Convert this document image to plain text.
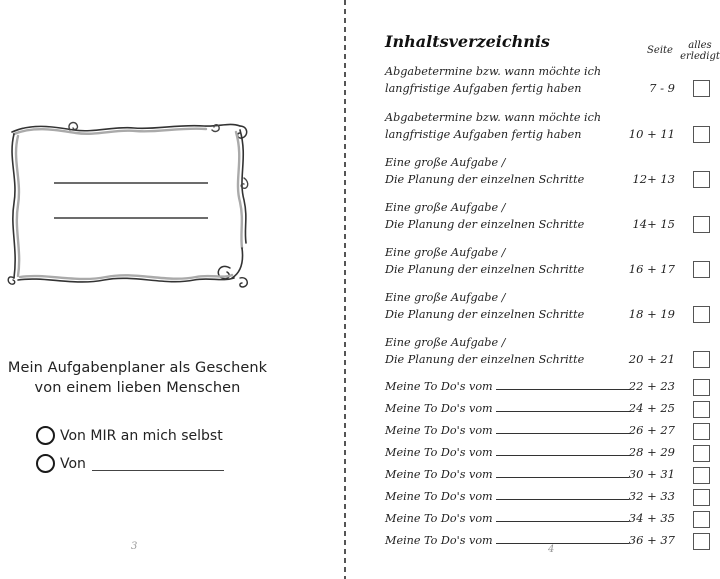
Mein Aufgabenplaner als Geschenk
von einem lieben Menschen
Von MIR an mich selbst
Von
3
Inhaltsverzeichnis	Seite	alles
erledigt
Abgabetermine bzw. wann möchte ich
langfristige Aufgaben fertig haben	7 - 9
Abgabetermine bzw. wann möchte ich
langfristige Aufgaben fertig haben	10 + 11
Eine große Aufgabe /
Die Planung der einzelnen Schritte	12+ 13
Eine große Aufgabe /
Die Planung der einzelnen Schritte	14+ 15
Eine große Aufgabe /
Die Planung der einzelnen Schritte	16 + 17
Eine große Aufgabe /
Die Planung der einzelnen Schritte	18 + 19
Eine große Aufgabe /
Die Planung der einzelnen Schritte	20 + 21
Meine To Do's vom	22 + 23
Meine To Do's vom	24 + 25
Meine To Do's vom	26 + 27
Meine To Do's vom	28 + 29
Meine To Do's vom	30 + 31
Meine To Do's vom	32 + 33
Meine To Do's vom	34 + 35
Meine To Do's vom	36 + 37
4
